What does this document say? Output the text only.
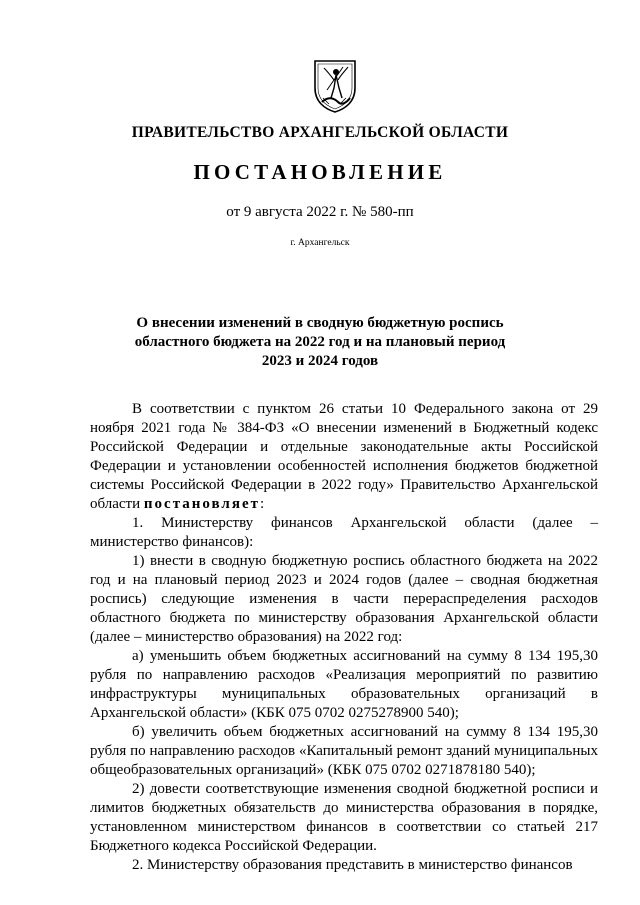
ПРАВИТЕЛЬСТВО АРХАНГЕЛЬСКОЙ ОБЛАСТИ
ПОСТАНОВЛЕНИЕ
от 9 августа 2022 г. № 580-пп
г. Архангельск
О внесении изменений в сводную бюджетную роспись
областного бюджета на 2022 год и на плановый период
2023 и 2024 годов

В соответствии с пунктом 26 статьи 10 Федерального закона от 29 ноября 2021 года № 384-ФЗ «О внесении изменений в Бюджетный кодекс Российской Федерации и отдельные законодательные акты Российской Федерации и установлении особенностей исполнения бюджетов бюджетной системы Российской Федерации в 2022 году» Правительство Архангельской области постановляет:

1. Министерству финансов Архангельской области (далее – министерство финансов):

1) внести в сводную бюджетную роспись областного бюджета на 2022 год и на плановый период 2023 и 2024 годов (далее – сводная бюджетная роспись) следующие изменения в части перераспределения расходов областного бюджета по министерству образования Архангельской области (далее – министерство образования) на 2022 год:

а) уменьшить объем бюджетных ассигнований на сумму 8 134 195,30 рубля по направлению расходов «Реализация мероприятий по развитию инфраструктуры муниципальных образовательных организаций в Архангельской области» (КБК 075 0702 0275278900 540);

б) увеличить объем бюджетных ассигнований на сумму 8 134 195,30 рубля по направлению расходов «Капитальный ремонт зданий муниципальных общеобразовательных организаций» (КБК 075 0702 0271878180 540);

2) довести соответствующие изменения сводной бюджетной росписи и лимитов бюджетных обязательств до министерства образования в порядке, установленном министерством финансов в соответствии со статьей 217 Бюджетного кодекса Российской Федерации.

2. Министерству образования представить в министерство финансов
